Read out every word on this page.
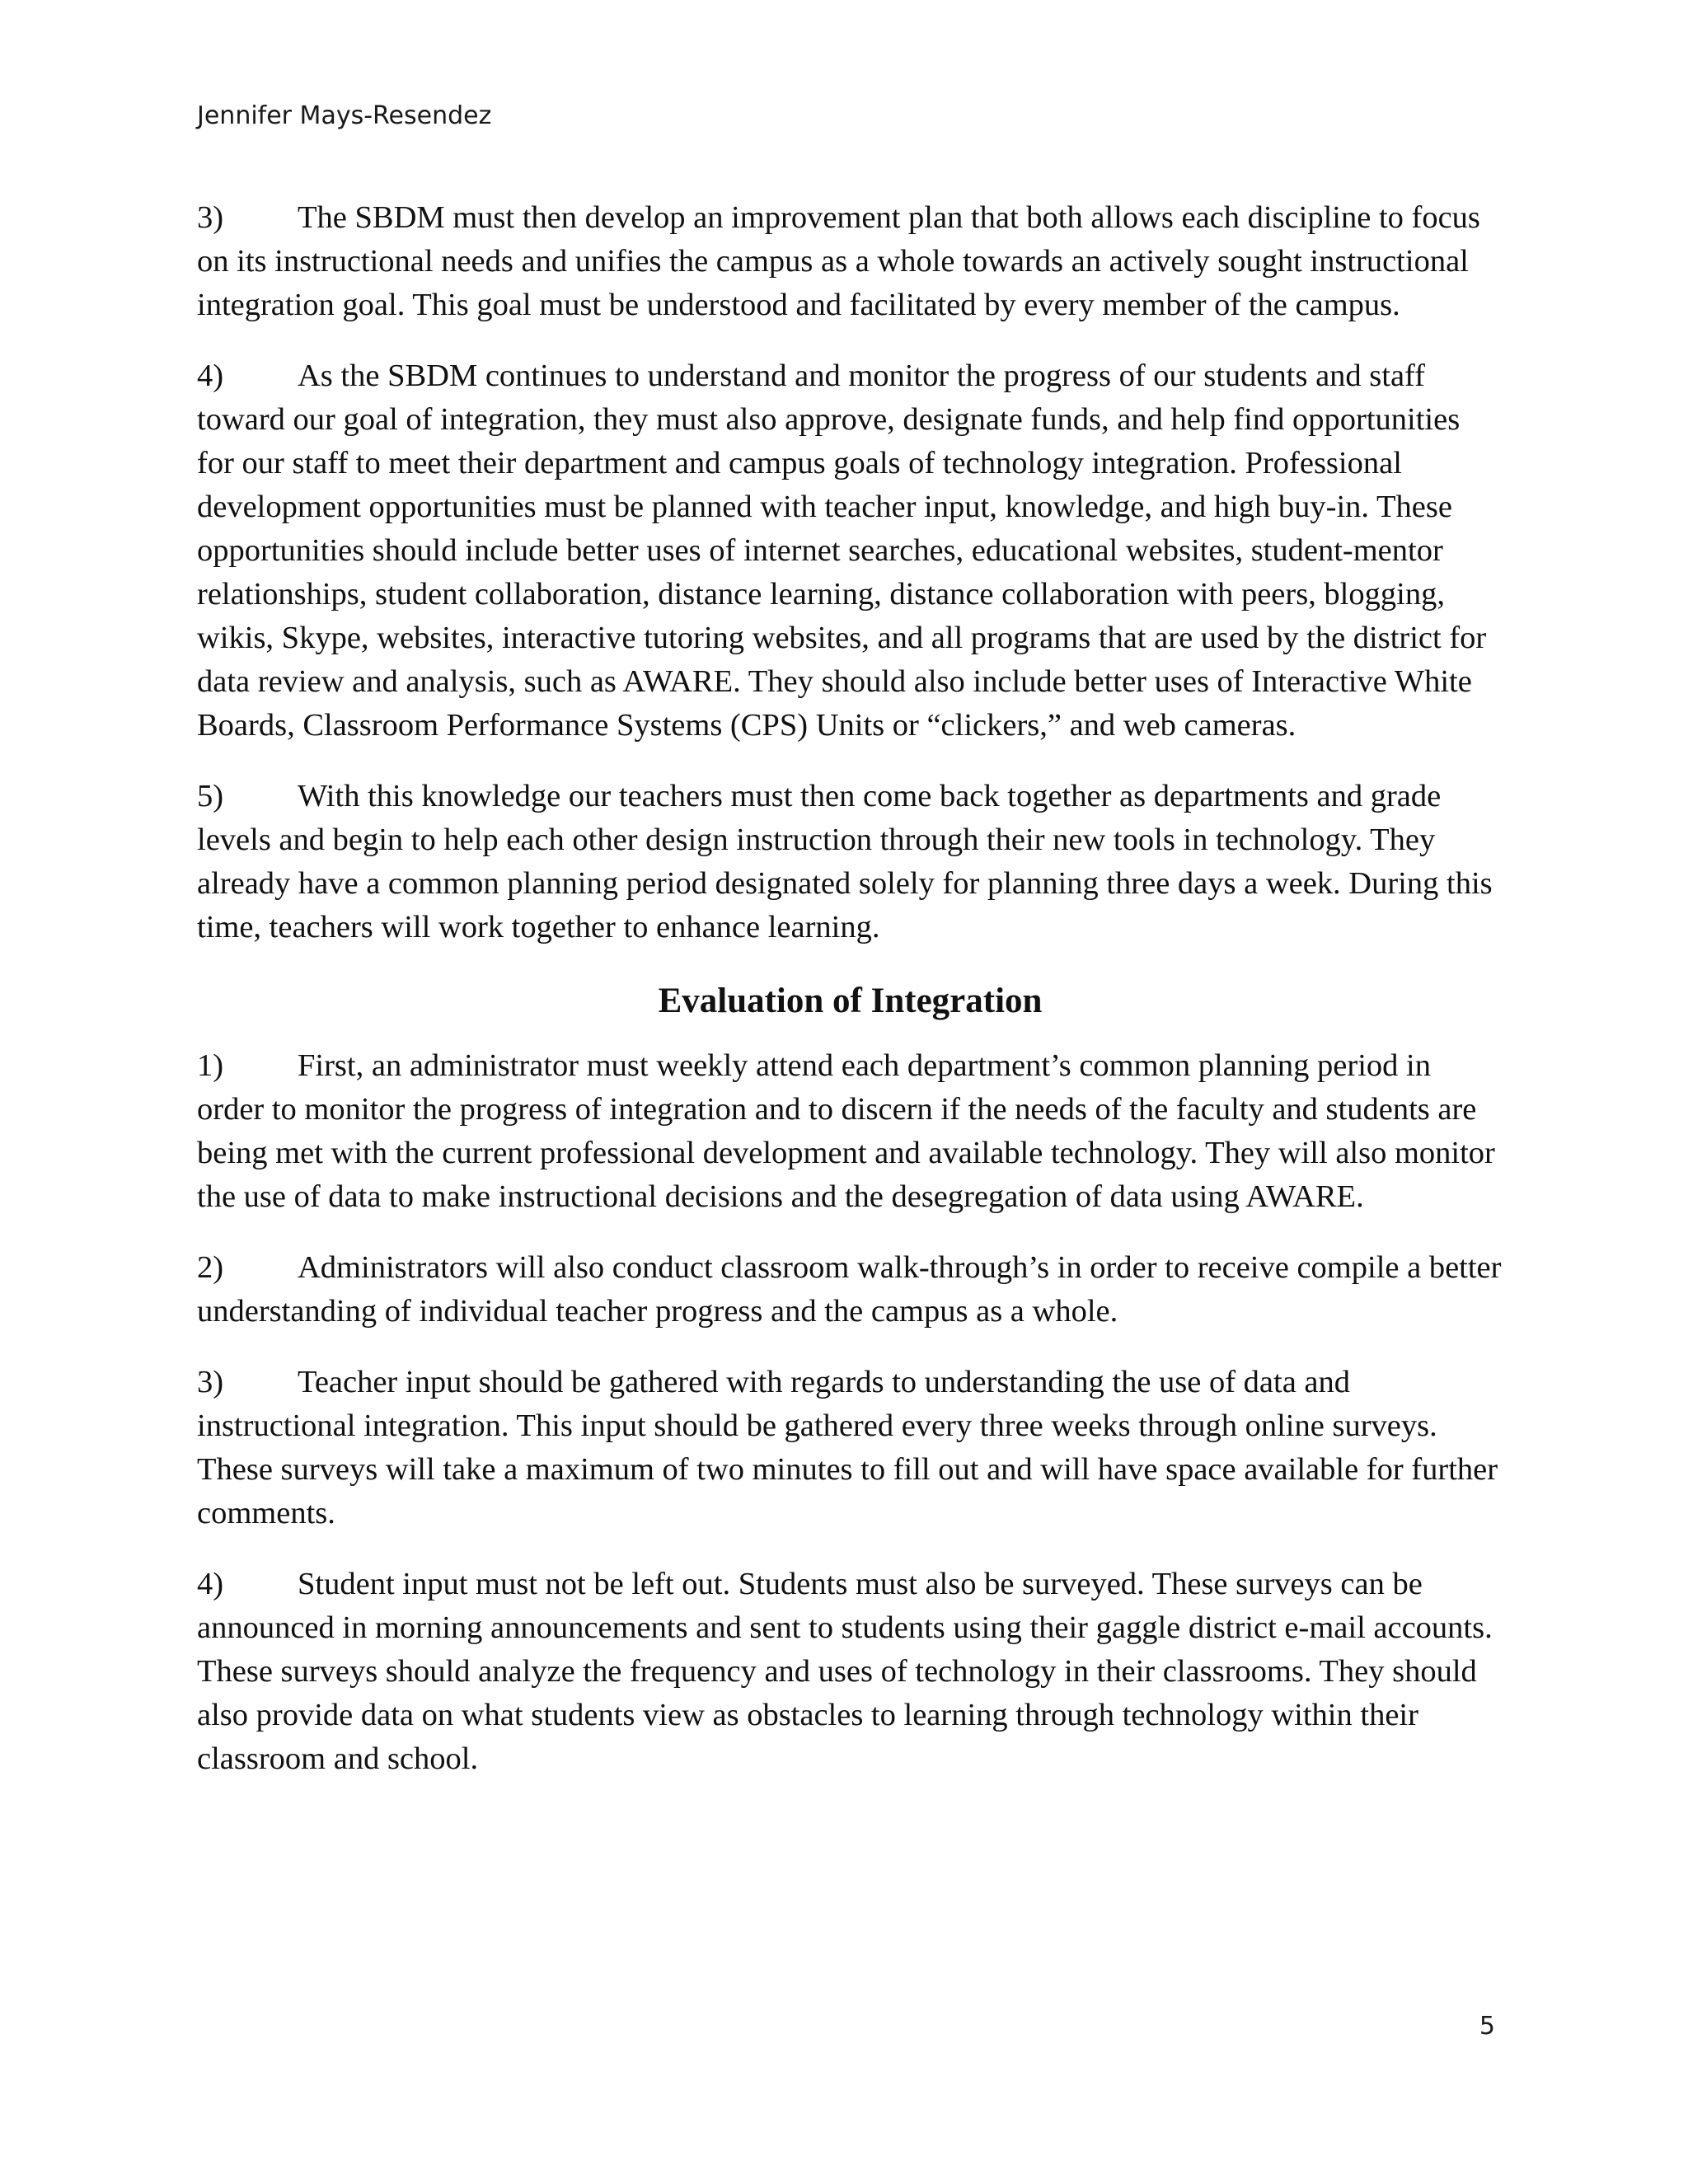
Jennifer Mays-Resendez

3) The SBDM must then develop an improvement plan that both allows each discipline to focus on its instructional needs and unifies the campus as a whole towards an actively sought instructional integration goal. This goal must be understood and facilitated by every member of the campus.

4) As the SBDM continues to understand and monitor the progress of our students and staff toward our goal of integration, they must also approve, designate funds, and help find opportunities for our staff to meet their department and campus goals of technology integration. Professional development opportunities must be planned with teacher input, knowledge, and high buy-in. These opportunities should include better uses of internet searches, educational websites, student-mentor relationships, student collaboration, distance learning, distance collaboration with peers, blogging, wikis, Skype, websites, interactive tutoring websites, and all programs that are used by the district for data review and analysis, such as AWARE. They should also include better uses of Interactive White Boards, Classroom Performance Systems (CPS) Units or “clickers,” and web cameras.

5) With this knowledge our teachers must then come back together as departments and grade levels and begin to help each other design instruction through their new tools in technology. They already have a common planning period designated solely for planning three days a week. During this time, teachers will work together to enhance learning.

Evaluation of Integration

1) First, an administrator must weekly attend each department’s common planning period in order to monitor the progress of integration and to discern if the needs of the faculty and students are being met with the current professional development and available technology. They will also monitor the use of data to make instructional decisions and the desegregation of data using AWARE.

2) Administrators will also conduct classroom walk-through’s in order to receive compile a better understanding of individual teacher progress and the campus as a whole.

3) Teacher input should be gathered with regards to understanding the use of data and instructional integration. This input should be gathered every three weeks through online surveys. These surveys will take a maximum of two minutes to fill out and will have space available for further comments.

4) Student input must not be left out. Students must also be surveyed. These surveys can be announced in morning announcements and sent to students using their gaggle district e-mail accounts. These surveys should analyze the frequency and uses of technology in their classrooms. They should also provide data on what students view as obstacles to learning through technology within their classroom and school.

5
